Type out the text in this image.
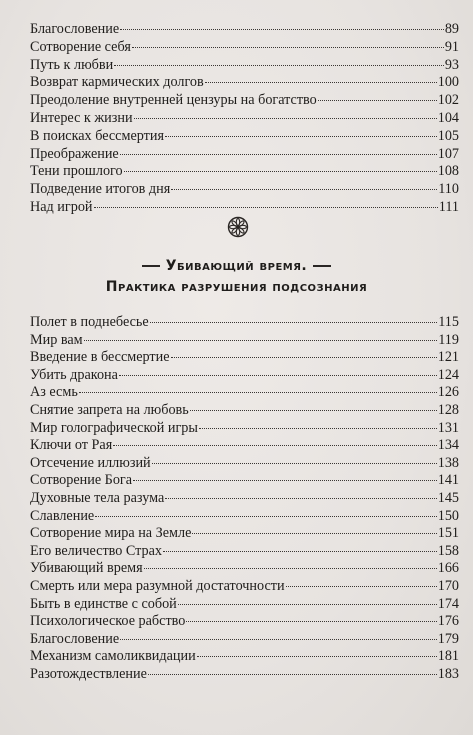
Благословение	89
Сотворение себя	91
Путь к любви	93
Возврат кармических долгов	100
Преодоление внутренней цензуры на богатство	102
Интерес к жизни	104
В поисках бессмертия	105
Преображение	107
Тени прошлого	108
Подведение итогов дня	110
Над игрой	111
Убивающий время.
Практика разрушения подсознания
Полет в поднебесье	115
Мир вам	119
Введение в бессмертие	121
Убить дракона	124
Аз есмь	126
Снятие запрета на любовь	128
Мир голографической игры	131
Ключи от Рая	134
Отсечение иллюзий	138
Сотворение Бога	141
Духовные тела разума	145
Славление	150
Сотворение мира на Земле	151
Его величество Страх	158
Убивающий время	166
Смерть или мера разумной достаточности	170
Быть в единстве с собой	174
Психологическое рабство	176
Благословение	179
Механизм самоликвидации	181
Разотождествление	183
